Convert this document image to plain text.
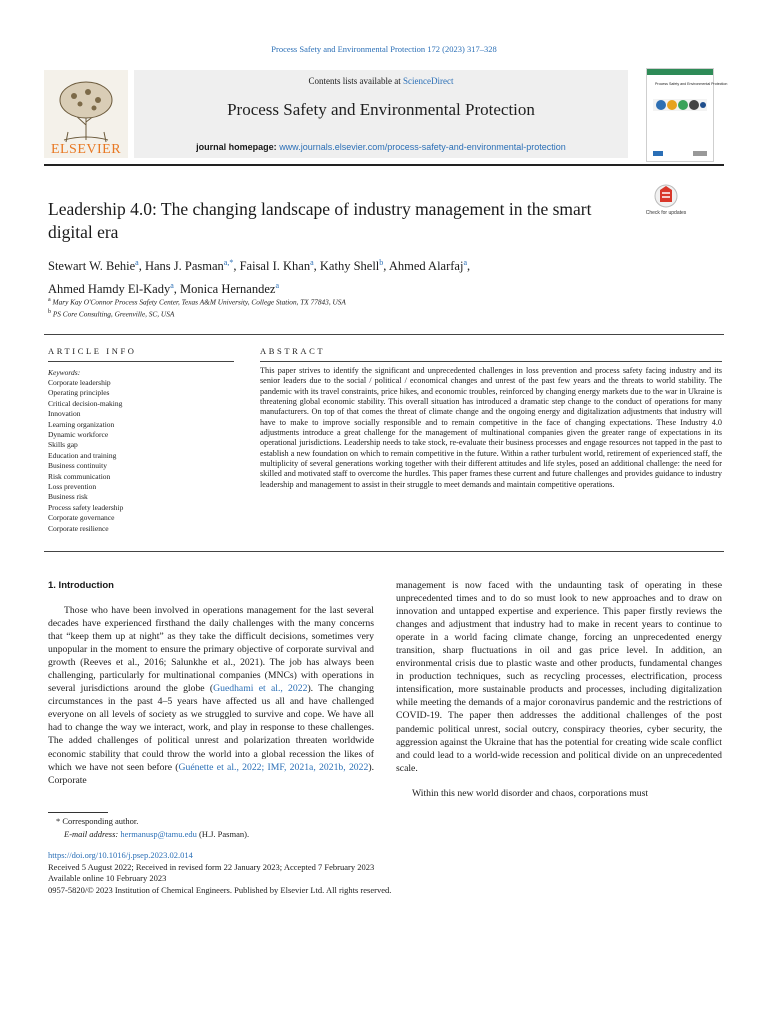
Process Safety and Environmental Protection 172 (2023) 317–328
ELSEVIER
Contents lists available at ScienceDirect
Process Safety and Environmental Protection
journal homepage: www.journals.elsevier.com/process-safety-and-environmental-protection
Process Safety and Environmental Protection
Leadership 4.0: The changing landscape of industry management in the smart digital era
Check for updates
Stewart W. Behie$^a$, Hans J. Pasman$^{a,*}$, Faisal I. Khan$^a$, Kathy Shell$^b$, Ahmed Alarfaj$^a$,
Ahmed Hamdy El-Kady$^a$, Monica Hernandez$^a$
$^a$ Mary Kay O'Connor Process Safety Center, Texas A&M University, College Station, TX 77843, USA
$^b$ PS Core Consulting, Greenville, SC, USA
ARTICLE INFO
Keywords:
Corporate leadership
Operating principles
Critical decision-making
Innovation
Learning organization
Dynamic workforce
Skills gap
Education and training
Business continuity
Risk communication
Loss prevention
Business risk
Process safety leadership
Corporate governance
Corporate resilience
ABSTRACT

This paper strives to identify the significant and unprecedented challenges in loss prevention and process safety facing industry and its senior leaders due to the social / political / economical changes and unrest of the past few years and the threats to world stability. The pandemic with its travel constraints, price hikes, and economic troubles, reinforced by changing energy markets due to the war in Ukraine is threatening global economic stability. This overall situation has introduced a dramatic step change to the conduct of operations for many manufacturers. On top of that comes the threat of climate change and the ongoing energy and digitalization adjustments that industry will have to make to improve socially responsible and to remain competitive in the face of changing expectations. These Industry 4.0 adjustments introduce a great challenge for the management of multinational companies given the greater range of expectations in its operational jurisdictions. Leadership needs to take stock, re-evaluate their business processes and engage resources not tapped in the past to establish a new foundation on which to remain competitive in the future. Within a rather turbulent world, retirement of experienced staff, the multiplicity of several generations working together with their different attitudes and life styles, posed an additional challenge: the need for skilled and motivated staff to overcome the hurdles. This paper frames these current and future challenges and provides guidance to industry leadership and management to assist in their struggle to meet demands and maintain competitive operations.

1. Introduction

Those who have been involved in operations management for the last several decades have experienced firsthand the daily challenges with the many concerns that “keep them up at night” as they take the difficult decisions, sometimes very unpopular in the moment to ensure the primary objective of corporate survival and growth (Reeves et al., 2016; Salunkhe et al., 2021). The job has always been challenging, particularly for multinational companies (MNCs) with operations in several jurisdictions around the globe (Guedhami et al., 2022). The changing circumstances in the past 4–5 years have affected us all and have challenged everyone on all levels of society as we struggled to survive and cope. We have all had to change the way we interact, work, and play in response to these challenges. The added challenges of political unrest and polarization threaten worldwide economic stability that could throw the world into a global recession the likes of which we have not seen before (Guénette et al., 2022; IMF, 2021a, 2021b, 2022). Corporate

management is now faced with the undaunting task of operating in these unprecedented times and to do so must look to new approaches and to draw on innovation and untapped expertise and experience. This paper firstly reviews the changes and adjustment that industry had to make in recent years to continue to operate in a world facing climate change, forcing an unprecedented energy transition, sharp fluctuations in oil and gas price level. In addition, an environmental crisis due to plastic waste and other products, fundamental changes in production techniques, such as recycling processes, electrification, process intensification, more sustainable products and processes, including digitalization while meeting the demands of a major coronavirus pandemic and the restrictions of COVID-19. The paper then addresses the additional challenges of the post pandemic political unrest, social outcry, conspiracy theories, cyber security, the aggression against the Ukraine that has the potential for creating wide scale conflict and could lead to a world-wide recession and political divide on an unprecedented scale.

Within this new world disorder and chaos, corporations must

* Corresponding author.
E-mail address: hermanusp@tamu.edu (H.J. Pasman).
https://doi.org/10.1016/j.psep.2023.02.014
Received 5 August 2022; Received in revised form 22 January 2023; Accepted 7 February 2023
Available online 10 February 2023
0957-5820/© 2023 Institution of Chemical Engineers. Published by Elsevier Ltd. All rights reserved.
